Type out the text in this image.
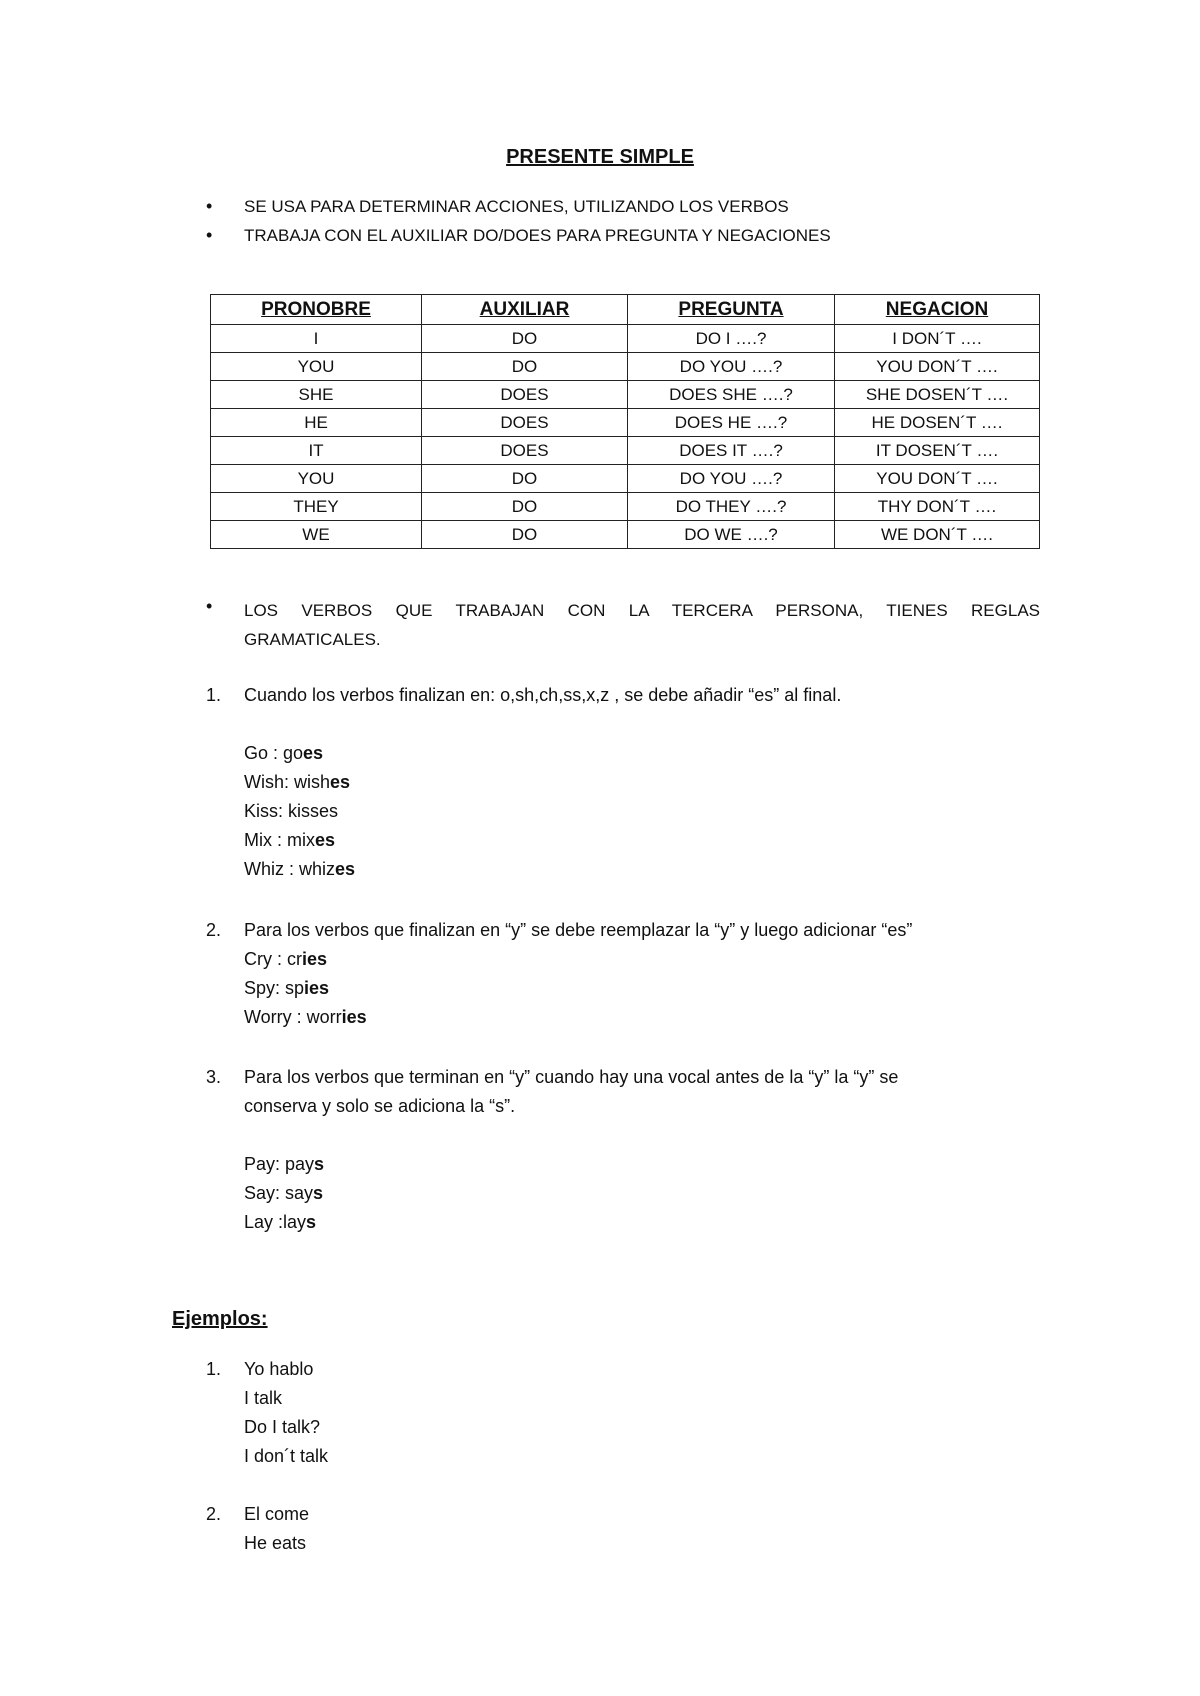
PRESENTE SIMPLE
• SE USA PARA DETERMINAR ACCIONES, UTILIZANDO LOS VERBOS
• TRABAJA CON EL AUXILIAR DO/DOES PARA PREGUNTA Y NEGACIONES
PRONOBRE	AUXILIAR	PREGUNTA	NEGACION
I	DO	DO I ….?	I DON´T ….
YOU	DO	DO YOU ….?	YOU DON´T ….
SHE	DOES	DOES SHE ….?	SHE DOSEN´T ….
HE	DOES	DOES HE ….?	HE DOSEN´T ….
IT	DOES	DOES IT ….?	IT DOSEN´T ….
YOU	DO	DO YOU ….?	YOU DON´T ….
THEY	DO	DO THEY ….?	THY DON´T ….
WE	DO	DO WE ….?	WE DON´T ….
• LOS VERBOS QUE TRABAJAN CON LA TERCERA PERSONA, TIENES REGLAS GRAMATICALES.
1. Cuando los verbos finalizan en: o,sh,ch,ss,x,z , se debe añadir “es” al final.
Go : goes
Wish: wishes
Kiss: kisses
Mix : mixes
Whiz : whizes
2. Para los verbos que finalizan en “y” se debe reemplazar la “y” y luego adicionar “es”
Cry : cries
Spy: spies
Worry : worries
3. Para los verbos que terminan en “y” cuando hay una vocal antes de la “y” la “y” se
conserva y solo se adiciona la “s”.
Pay: pays
Say: says
Lay :lays
Ejemplos:
1. Yo hablo
I talk
Do I talk?
I don´t talk
2. El come
He eats
